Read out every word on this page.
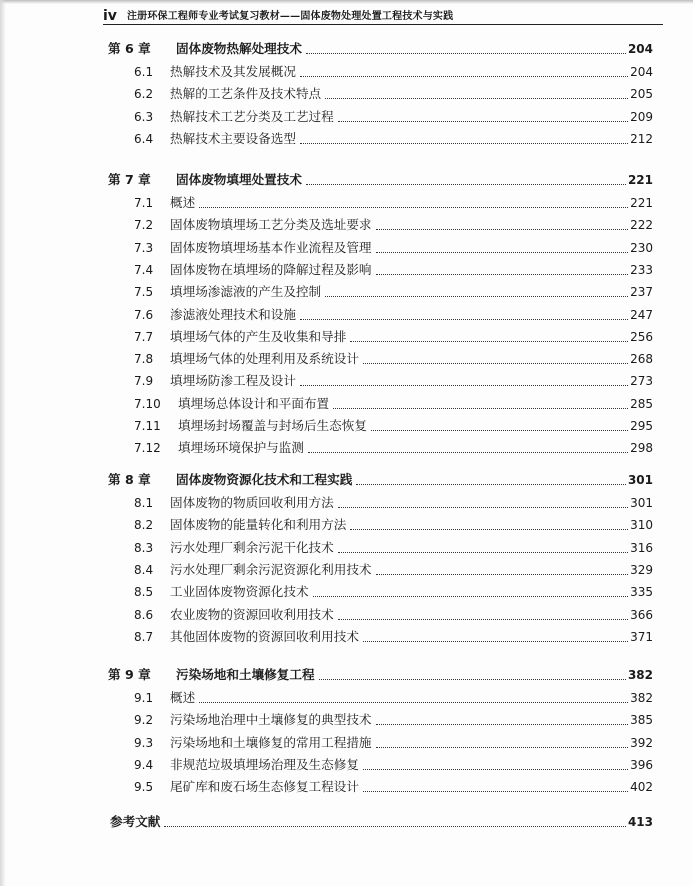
iv 注册环保工程师专业考试复习教材——固体废物处理处置工程技术与实践
第 6 章	固体废物热解处理技术	204
6.1	热解技术及其发展概况	204
6.2	热解的工艺条件及技术特点	205
6.3	热解技术工艺分类及工艺过程	209
6.4	热解技术主要设备选型	212
第 7 章	固体废物填埋处置技术	221
7.1	概述	221
7.2	固体废物填埋场工艺分类及选址要求	222
7.3	固体废物填埋场基本作业流程及管理	230
7.4	固体废物在填埋场的降解过程及影响	233
7.5	填埋场渗滤液的产生及控制	237
7.6	渗滤液处理技术和设施	247
7.7	填埋场气体的产生及收集和导排	256
7.8	填埋场气体的处理利用及系统设计	268
7.9	填埋场防渗工程及设计	273
7.10	填埋场总体设计和平面布置	285
7.11	填埋场封场覆盖与封场后生态恢复	295
7.12	填埋场环境保护与监测	298
第 8 章	固体废物资源化技术和工程实践	301
8.1	固体废物的物质回收利用方法	301
8.2	固体废物的能量转化和利用方法	310
8.3	污水处理厂剩余污泥干化技术	316
8.4	污水处理厂剩余污泥资源化利用技术	329
8.5	工业固体废物资源化技术	335
8.6	农业废物的资源回收利用技术	366
8.7	其他固体废物的资源回收利用技术	371
第 9 章	污染场地和土壤修复工程	382
9.1	概述	382
9.2	污染场地治理中土壤修复的典型技术	385
9.3	污染场地和土壤修复的常用工程措施	392
9.4	非规范垃圾填埋场治理及生态修复	396
9.5	尾矿库和废石场生态修复工程设计	402
参考文献	413
